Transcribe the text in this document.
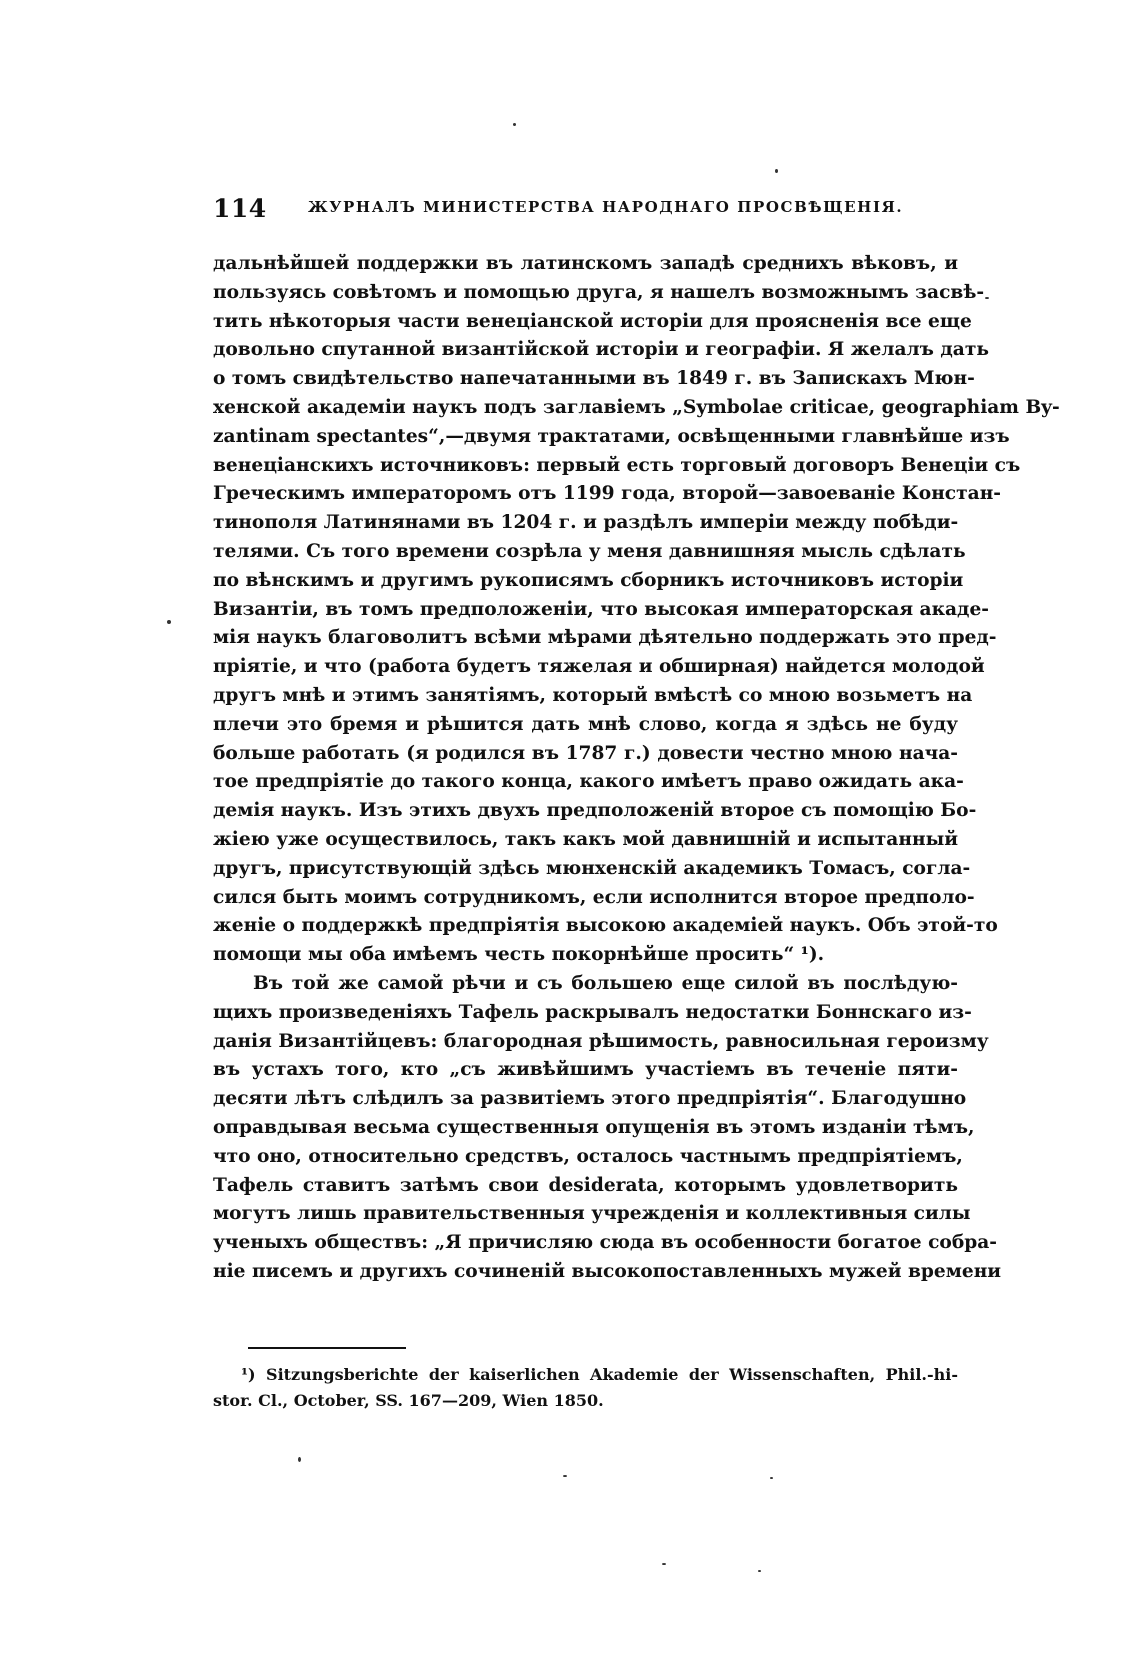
114	ЖУРНАЛЪ МИНИСТЕРСТВА НАРОДНАГО ПРОСВѢЩЕНІЯ.
дальнѣйшей поддержки въ латинскомъ западѣ среднихъ вѣковъ, и
пользуясь совѣтомъ и помощью друга, я нашелъ возможнымъ засвѣ-
тить нѣкоторыя части венеціанской исторіи для проясненія все еще
довольно спутанной византійской исторіи и географіи. Я желалъ дать
о томъ свидѣтельство напечатанными въ 1849 г. въ Запискахъ Мюн-
хенской академіи наукъ подъ заглавіемъ „Symbolae criticae, geographiam By-
zantinam spectantes“,—двумя трактатами, освѣщенными главнѣйше изъ
венеціанскихъ источниковъ: первый есть торговый договоръ Венеціи съ
Греческимъ императоромъ отъ 1199 года, второй—завоеваніе Констан-
тинополя Латинянами въ 1204 г. и раздѣлъ имперіи между побѣди-
телями. Съ того времени созрѣла у меня давнишняя мысль сдѣлать
по вѣнскимъ и другимъ рукописямъ сборникъ источниковъ исторіи
Византіи, въ томъ предположеніи, что высокая императорская акаде-
мія наукъ благоволитъ всѣми мѣрами дѣятельно поддержать это пред-
пріятіе, и что (работа будетъ тяжелая и обширная) найдется молодой
другъ мнѣ и этимъ занятіямъ, который вмѣстѣ со мною возьметъ на
плечи это бремя и рѣшится дать мнѣ слово, когда я здѣсь не буду
больше работать (я родился въ 1787 г.) довести честно мною нача-
тое предпріятіе до такого конца, какого имѣетъ право ожидать ака-
демія наукъ. Изъ этихъ двухъ предположеній второе съ помощію Бо-
жіею уже осуществилось, такъ какъ мой давнишній и испытанный
другъ, присутствующій здѣсь мюнхенскій академикъ Томасъ, согла-
сился быть моимъ сотрудникомъ, если исполнится второе предполо-
женіе о поддержкѣ предпріятія высокою академіей наукъ. Объ этой-то
помощи мы оба имѣемъ честь покорнѣйше просить“ ¹).
Въ той же самой рѣчи и съ большею еще силой въ послѣдую-
щихъ произведеніяхъ Тафель раскрывалъ недостатки Боннскаго из-
данія Византійцевъ: благородная рѣшимость, равносильная героизму
въ устахъ того, кто „съ живѣйшимъ участіемъ въ теченіе пяти-
десяти лѣтъ слѣдилъ за развитіемъ этого предпріятія“. Благодушно
оправдывая весьма существенныя опущенія въ этомъ изданіи тѣмъ,
что оно, относительно средствъ, осталось частнымъ предпріятіемъ,
Тафель ставитъ затѣмъ свои desiderata, которымъ удовлетворить
могутъ лишь правительственныя учрежденія и коллективныя силы
ученыхъ обществъ: „Я причисляю сюда въ особенности богатое собра-
ніе писемъ и другихъ сочиненій высокопоставленныхъ мужей времени
¹) Sitzungsberichte der kaiserlichen Akademie der Wissenschaften, Phil.-hi-
stor. Cl., October, SS. 167—209, Wien 1850.
